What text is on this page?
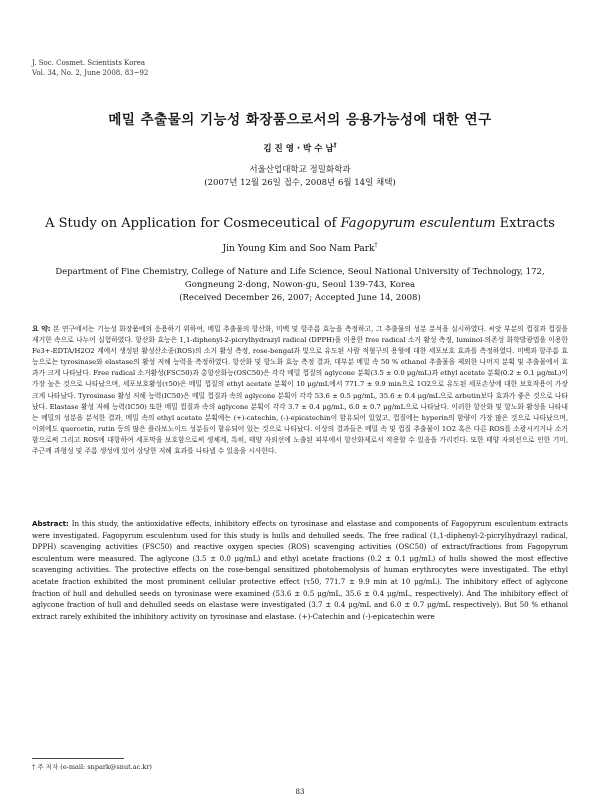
J. Soc. Cosmet. Scientists Korea
Vol. 34, No. 2, June 2008. 83~92
메밀 추출물의 기능성 화장품으로서의 응용가능성에 대한 연구
김 진 영 · 박 수 남†
서울산업대학교 정밀화학과
(2007년 12월 26일 접수, 2008년 6월 14일 채택)
A Study on Application for Cosmeceutical of Fagopyrum esculentum Extracts
Jin Young Kim and Soo Nam Park†
Department of Fine Chemistry, College of Nature and Life Science, Seoul National University of Technology, 172,
Gongneung 2-dong, Nowon-gu, Seoul 139-743, Korea
(Received December 26, 2007; Accepted June 14, 2008)
요 약: 본 연구에서는 기능성 화장품에의 응용하기 위하여, 메밀 추출물의 항산화, 미백 및 항주름 효능을 측정하고, 그 추출물의 성분 분석을 실시하였다. 씨앗 부분의 껍질과 껍질을 제거한 속으로 나누어 실험하였다. 항산화 효능은 1,1-diphenyl-2-picrylhydrazyl radical (DPPH)을 이용한 free radical 소거 활성 측정, luminol-의존성 화학발광법을 이용한 Fe3+-EDTA/H2O2 계에서 생성된 활성산소종(ROS)의 소거 활성 측정, rose-bengal과 빛으로 유도된 사람 적혈구의 용혈에 대한 세포보호 효과를 측정하였다. 미백과 항주름 효능으로는 tyrosinase와 elastase의 활성 저해 능력을 측정하였다. 항산화 및 항노화 효능 측정 결과, 대부분 메밀 속 50 % ethanol 추출물을 제외한 나머지 분획 및 추출물에서 효과가 크게 나타났다. Free radical 소거활성(FSC50)과 총항산화능(OSC50)은 각각 메밀 껍질의 aglycone 분획(3.5 ± 0.0 μg/mL)과 ethyl acetate 분획(0.2 ± 0.1 μg/mL)이 가장 높은 것으로 나타났으며, 세포보호활성(τ50)은 메밀 껍질의 ethyl acetate 분획이 10 μg/mL에서 771.7 ± 9.9 min으로 1O2으로 유도된 세포손상에 대한 보호작용이 가장 크게 나타났다. Tyrosinase 활성 저해 능력(IC50)은 메밀 껍질과 속의 aglycone 분획이 각각 53.6 ± 0.5 μg/mL, 35.6 ± 0.4 μg/mL으로 arbutin보다 효과가 좋은 것으로 나타났다. Elastase 활성 저해 능력(IC50) 또한 메밀 껍질과 속의 aglycone 분획이 각각 3.7 ± 0.4 μg/mL, 6.0 ± 0.7 μg/mL으로 나타났다. 이러한 항산화 및 항노화 활성을 나타내는 메밀의 성분을 분석한 결과, 메밀 속의 ethyl acetate 분획에는 (+)-catechin, (-)-epicatechin이 함유되어 있었고, 껍질에는 hyperin의 함량이 가장 많은 것으로 나타났으며, 이외에도 quercetin, rutin 등의 많은 플라보노이드 성분들이 함유되어 있는 것으로 나타났다. 이상의 결과들은 메밀 속 및 껍질 추출물이 1O2 혹은 다른 ROS를 소광시키거나 소거함으로써 그리고 ROS에 대항하여 세포막을 보호함으로써 생체계, 특히, 태양 자외선에 노출된 피부에서 항산화제로서 작용할 수 있음을 가리킨다. 또한 태양 자외선으로 인한 기미, 주근깨 과형성 및 주름 생성에 있어 상당한 저해 효과를 나타낼 수 있음을 시사한다.
Abstract: In this study, the antioxidative effects, inhibitory effects on tyrosinase and elastase and components of Fagopyrum esculentum extracts were investigated. Fagopyrum esculentum used for this study is hulls and dehulled seeds. The free radical (1,1-diphenyl-2-picrylhydrazyl radical, DPPH) scavenging activities (FSC50) and reactive oxygen species (ROS) scavenging activities (OSC50) of extract/fractions from Fagopyrum esculentum were measured. The aglycone (3.5 ± 0.0 μg/mL) and ethyl acetate fractions (0.2 ± 0.1 μg/mL) of hulls showed the most effective scavenging activities. The protective effects on the rose-bengal sensitized photohemolysis of human erythrocytes were investigated. The ethyl acetate fraction exhibited the most prominent cellular protective effect (τ50, 771.7 ± 9.9 min at 10 μg/mL). The inhibitory effect of aglycone fraction of hull and dehulled seeds on tyrosinase were examined (53.6 ± 0.5 μg/mL, 35.6 ± 0.4 μg/mL, respectively). And The inhibitory effect of aglycone fraction of hull and dehulled seeds on elastase were investigated (3.7 ± 0.4 μg/mL and 6.0 ± 0.7 μg/mL respectively). But 50 % ethanol extract rarely exhibited the inhibitory activity on tyrosinase and elastase. (+)-Catechin and (-)-epicatechin were
† 주 저자 (e-mail: snpark@snut.ac.kr)
83
